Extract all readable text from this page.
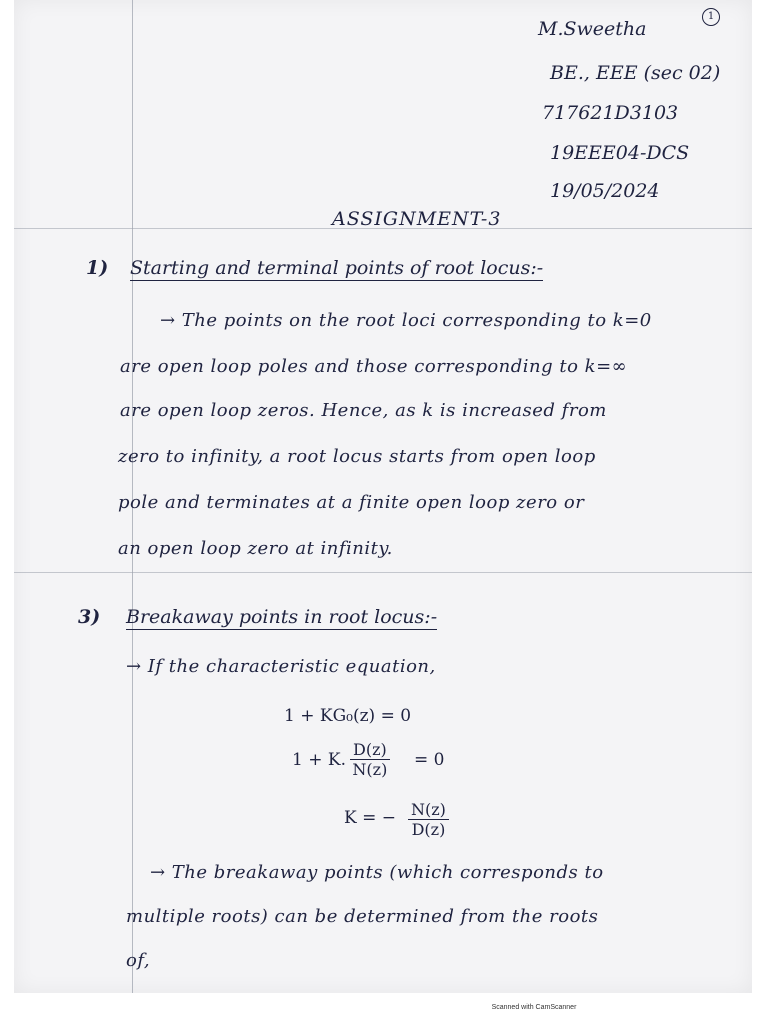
1
M.Sweetha
BE., EEE (sec 02)
717621D3103
19EEE04-DCS
19/05/2024
ASSIGNMENT-3
1) Starting and terminal points of root locus:-
→ The points on the root loci corresponding to k=0
are open loop poles and those corresponding to k=∞
are open loop zeros. Hence, as k is increased from
zero to infinity, a root locus starts from open loop
pole and terminates at a finite open loop zero or
an open loop zero at infinity.
3) Breakaway points in root locus:-
→ If the characteristic equation,
1 + KG₀(z) = 0
1 + K. $\frac{D(z)}{N(z)} = 0$
K = − $\frac{N(z)}{D(z)}$
→ The breakaway points (which corresponds to
multiple roots) can be determined from the roots
of,
Scanned with CamScanner
